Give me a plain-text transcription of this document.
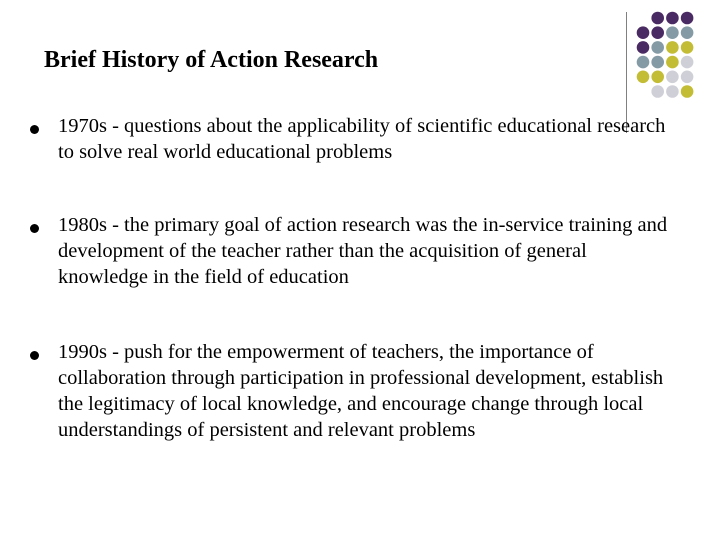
Brief History of Action Research
1970s - questions about the applicability of scientific educational research to solve real world educational problems
1980s - the primary goal of action research was the in-service training and development of the teacher rather than the acquisition of general knowledge in the field of education
1990s - push for the empowerment of teachers, the importance of collaboration through participation in professional development, establish the legitimacy of local knowledge, and encourage change through local understandings of persistent and relevant problems
